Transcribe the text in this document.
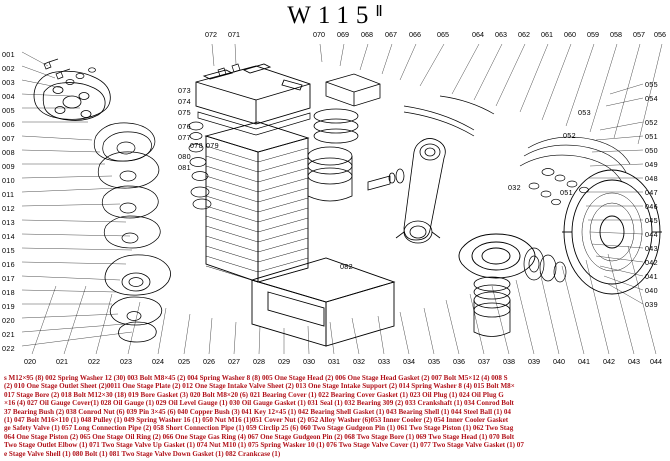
$W115^Ⅱ$
001
002
003
004
005
006
007
008
009
010
011
012
013
014
015
016
017
018
019
020
021
022
073
074
075
076
077
078 079
080
081
082
072 071	070 069 068 067 066 065	064 063 062 061 060 059 058 057 056
055
054
053
052
051
052
050
049
048
047
046
045
051
044
043
042
041
040
039
032
020	021	022	023	024 025 026 027 028 029 030 031 032 033 034 035 036 037 038 039 040 041 042 043 044
s M12×95 (8) 002 Spring Washer 12 (30) 003 Bolt M8×45 (2) 004 Spring Washer 8 (8) 005 One Stage Head (2) 006 One Stage Head Gasket (2) 007 Bolt M5×12 (4) 008 S
(2) 010 One Stage Outlet Sheet (2)0011 One Stage Plate (2) 012 One Stage Intake Valve Sheet (2) 013 One Stage Intake Support (2) 014 Spring Washer 8 (4) 015 Bolt M8×
017 Stage Bore (2) 018 Bolt M12×30 (18) 019 Bore Gasket (3) 020 Bolt M8×20 (6) 021 Bearing Cover (1) 022 Bearing Cover Gasket (1) 023 Oil Plug (1) 024 Oil Plug G
×16 (4) 027 Oil Gauge Cover(1) 028 Oil Gauge (1) 029 Oil Level Gauge (1) 030 Oil Gauge Gasket (1) 031 Seal (1) 032 Bearing 309 (2) 033 Crankshaft (1) 034 Conrod Bolt
37 Bearing Bush (2) 038 Conrod Nut (6) 039 Pin 3×45 (6) 040 Copper Bush (3) 041 Key 12×45 (1) 042 Bearing Shell Gasket (1) 043 Bearing Shell (1) 044 Steel Ball (1) 04
(1) 047 Bolt M16×110 (1) 048 Pulley (1) 049 Spring Washer 16 (1) 050 Nut M16 (1)051 Cover Nut (2) 052 Alloy Washer (6)053 Inner Cooler (2) 054 Inner Cooler Gasket
ge Safety Valve (1) 057 Long Connection Pipe (2) 058 Short Connection Pipe (1) 059 Circlip 25 (6) 060 Two Stage Gudgeon Pin (1) 061 Two Stage Piston (1) 062 Two Stag
064 One Stage Piston (2) 065 One Stage Oil Ring (2) 066 One Stage Gas Ring (4) 067 One Stage Gudgeon Pin (2) 068 Two Stage Bore (1) 069 Two Stage Head (1) 070 Bolt
Two Stage Outlet Elbow (1) 071 Two Stage Valve Up Gasket (1) 074 Nut M10 (1) 075 Spring Wasker 10 (1) 076 Two Stage Valve Cover (1) 077 Two Stage Valve Gasket (1) 07
e Stage Valve Shell (1) 080 Bolt (1) 081 Two Stage Valve Down Gasket (1) 082 Crankcase (1)
